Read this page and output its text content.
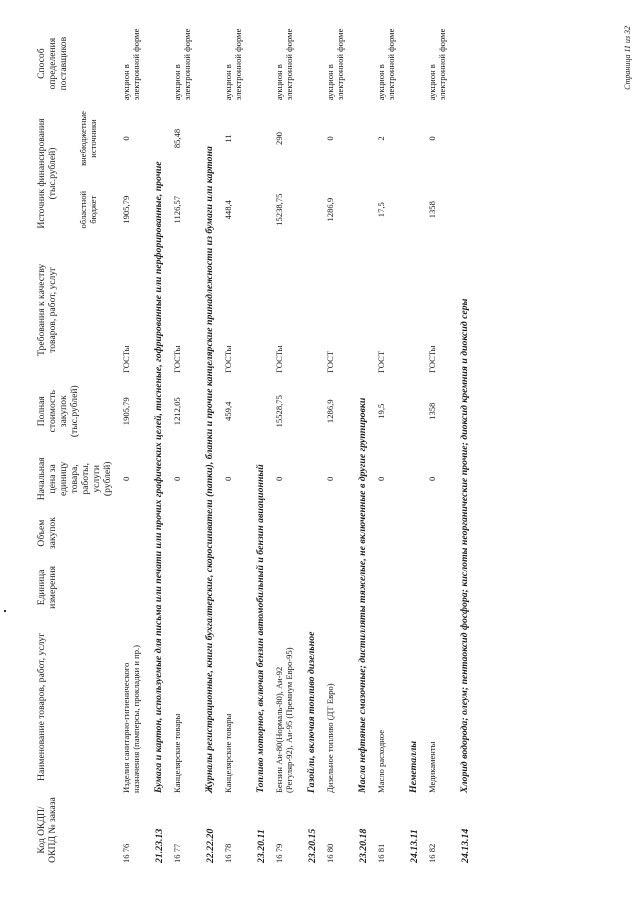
Код ОКДП/ ОКПД № заказа	Наименование товаров, работ, услуг	Единица измерения	Объем закупок	Начальная цена за единицу товара, работы, услуги (рублей)	Полная стоимость закупок (тыс.рублей)	Требования к качеству товаров, работ, услуг	Источник финансирования (тыс.рублей)		Способ определения поставщиков
							областной бюджет	внебюджетные источники	
16 76	Изделия санитарно-гигиенического назначения (памперсы, прокладки и пр.)			0	1905,79	ГОСТы	1905,79	0	аукцион в электронной форме
21.23.13	Бумага и картон, используемые для письма или печати или прочих графических целей, тисненые, гофрированные или перфорированные, прочие								
16 77	Канцелярские товары			0	1212,05	ГОСТы	1126,57	85,48	аукцион в электронной форме
22.22.20	Журналы регистрационные, книги бухгалтерские, скоросшиватели (папки), бланки и прочие канцелярские принадлежности из бумаги или картона								
16 78	Канцелярские товары			0	459,4	ГОСТы	448,4	11	аукцион в электронной форме
23.20.11	Топливо моторное, включая бензин автомобильный и бензин авиационный								
16 79	Бензин Аи-80(Нормаль-80), Аи-92 (Регуляр-92), Аи-95 (Премиум Евро-95)			0	15528,75	ГОСТы	15238,75	290	аукцион в электронной форме
23.20.15	Газойли, включая топливо дизельное								
16 80	Дизельное топливо (ДТ Евро)			0	1286,9	ГОСТ	1286,9	0	аукцион в электронной форме
23.20.18	Масла нефтяные смазочные; дистилляты тяжелые, не включенные в другие группировки								
16 81	Масло расходное			0	19,5	ГОСТ	17,5	2	аукцион в электронной форме
24.13.11	Неметаллы								
16 82	Медикаменты			0	1358	ГОСТы	1358	0	аукцион в электронной форме
24.13.14	Хлорид водорода; олеум; пентаоксид фосфора; кислоты неорганические прочие; диоксид кремния и диоксид серы								
Страница 11 из 32
